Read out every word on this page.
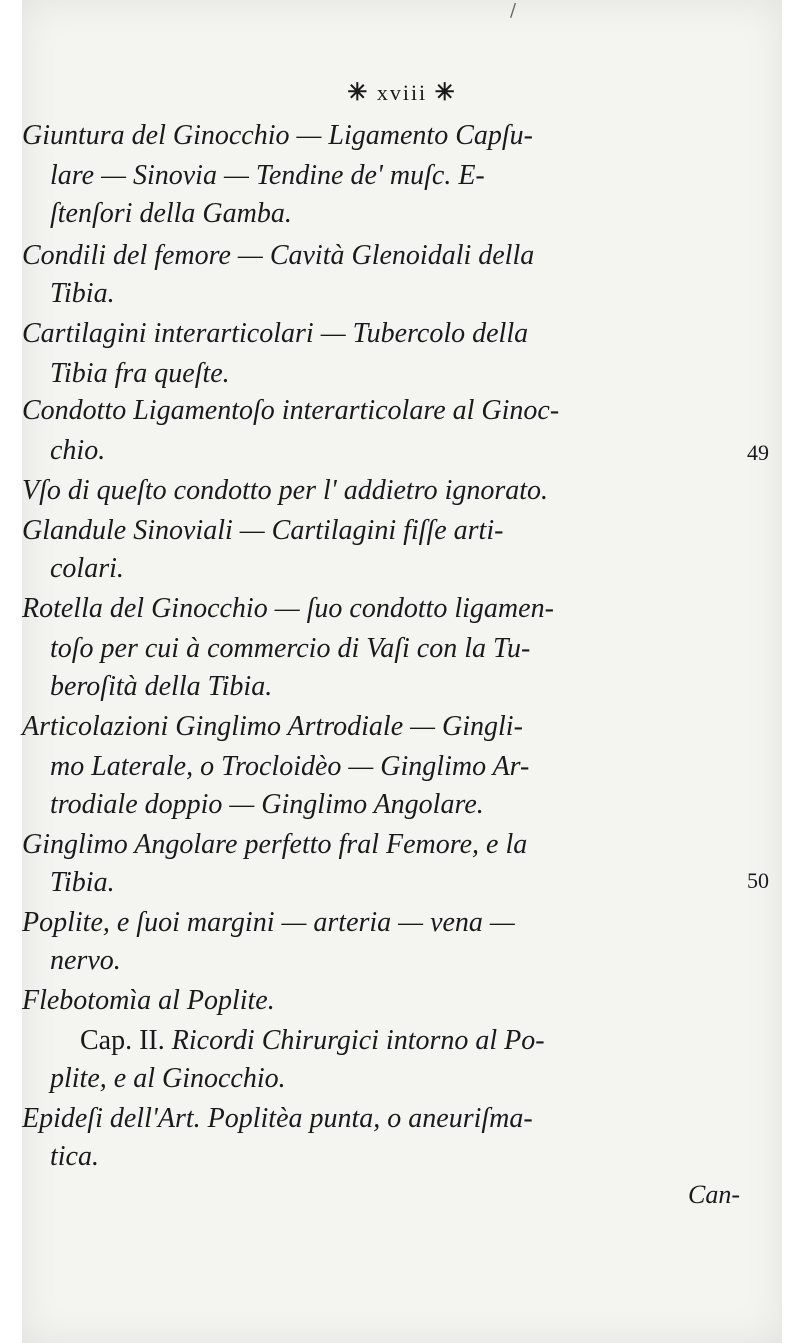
/
✳ xviii ✳
Giuntura del Ginocchio — Ligamento Capſu-
lare — Sinovia — Tendine de' muſc. E-
ſtenſori della Gamba.
Condili del femore — Cavità Glenoidali della
Tibia.
Cartilagini interarticolari — Tubercolo della
Tibia fra queſte.
Condotto Ligamentoſo interarticolare al Ginoc-
chio.	49
Vſo di queſto condotto per l' addietro ignorato.
Glandule Sinoviali — Cartilagini fiſſe arti-
colari.
Rotella del Ginocchio — ſuo condotto ligamen-
toſo per cui à commercio di Vaſi con la Tu-
beroſità della Tibia.
Articolazioni Ginglimo Artrodiale — Gingli-
mo Laterale, o Trocloidèo — Ginglimo Ar-
trodiale doppio — Ginglimo Angolare.
Ginglimo Angolare perfetto fral Femore, e la
Tibia.	50
Poplite, e ſuoi margini — arteria — vena —
nervo.
Flebotomìa al Poplite.
Cap. II. Ricordi Chirurgici intorno al Po-
plite, e al Ginocchio.
Epideſi dell'Art. Poplitèa punta, o aneuriſma-
tica.
Can-
